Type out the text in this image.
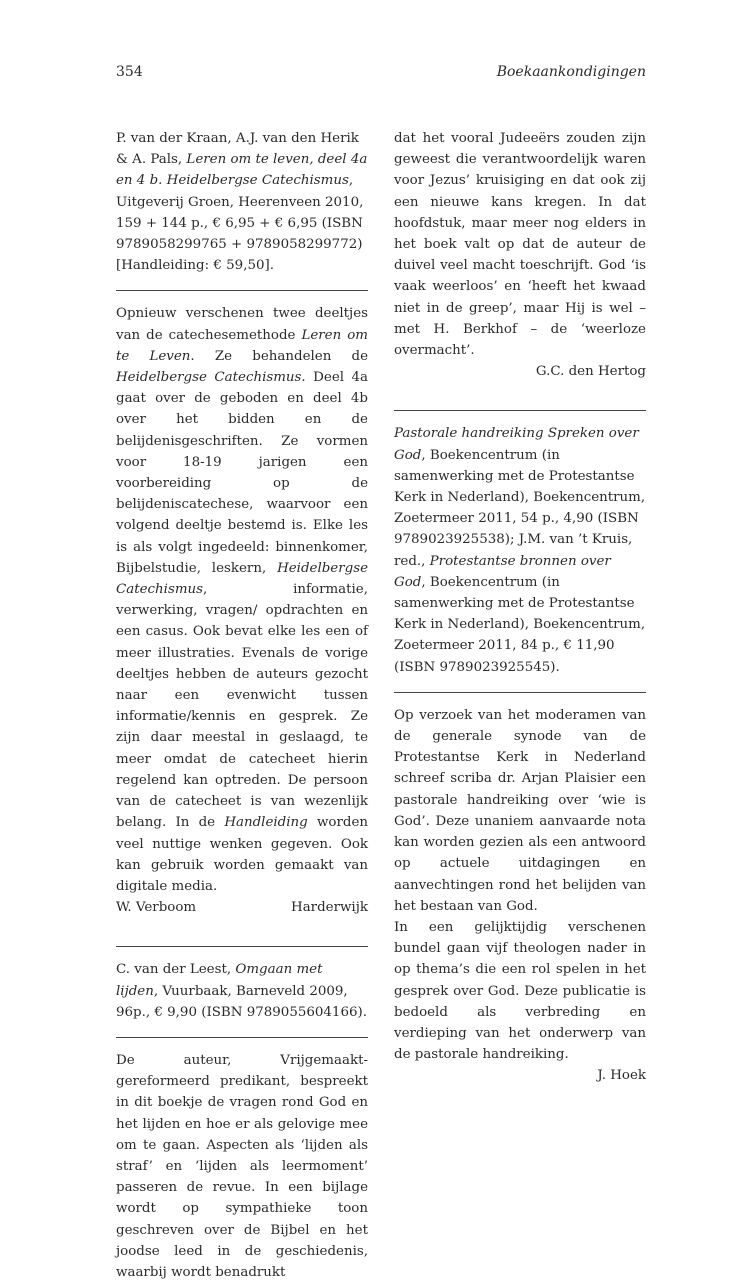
354	Boekaankondigingen

P. van der Kraan, A.J. van den Herik & A. Pals, Leren om te leven, deel 4a en 4 b. Heidelbergse Catechismus, Uitgeverij Groen, Heerenveen 2010, 159 + 144 p., € 6,95 + € 6,95 (ISBN 9789058299765 + 9789058299772) [Handleiding: € 59,50].

Opnieuw verschenen twee deeltjes van de catechesemethode Leren om te Leven. Ze behandelen de Heidelbergse Catechismus. Deel 4a gaat over de geboden en deel 4b over het bidden en de belijdenisgeschriften. Ze vormen voor 18-19 jarigen een voorbereiding op de belijdeniscatechese, waarvoor een volgend deeltje bestemd is. Elke les is als volgt ingedeeld: binnenkomer, Bijbelstudie, leskern, Heidelbergse Catechismus, informatie, verwerking, vragen/ opdrachten en een casus. Ook bevat elke les een of meer illustraties. Evenals de vorige deeltjes hebben de auteurs gezocht naar een evenwicht tussen informatie/kennis en gesprek. Ze zijn daar meestal in geslaagd, te meer omdat de catecheet hierin regelend kan optreden. De persoon van de catecheet is van wezenlijk belang. In de Handleiding worden veel nuttige wenken gegeven. Ook kan gebruik worden gemaakt van digitale media.

W. Verboom	Harderwijk

C. van der Leest, Omgaan met lijden, Vuurbaak, Barneveld 2009, 96p., € 9,90 (ISBN 9789055604166).

De auteur, Vrijgemaakt-gereformeerd predikant, bespreekt in dit boekje de vragen rond God en het lijden en hoe er als gelovige mee om te gaan. Aspecten als ‘lijden als straf’ en ‘lijden als leermoment’ passeren de revue. In een bijlage wordt op sympathieke toon geschreven over de Bijbel en het joodse leed in de geschiedenis, waarbij wordt benadrukt

dat het vooral Judeeërs zouden zijn geweest die verantwoordelijk waren voor Jezus’ kruisiging en dat ook zij een nieuwe kans kregen. In dat hoofdstuk, maar meer nog elders in het boek valt op dat de auteur de duivel veel macht toeschrijft. God ‘is vaak weerloos’ en ‘heeft het kwaad niet in de greep’, maar Hij is wel – met H. Berkhof – de ‘weerloze overmacht’.

G.C. den Hertog

Pastorale handreiking Spreken over God, Boekencentrum (in samenwerking met de Protestantse Kerk in Nederland), Boekencentrum, Zoetermeer 2011, 54 p., 4,90 (ISBN 9789023925538); J.M. van ’t Kruis, red., Protestantse bronnen over God, Boekencentrum (in samenwerking met de Protestantse Kerk in Nederland), Boekencentrum, Zoetermeer 2011, 84 p., € 11,90 (ISBN 9789023925545).

Op verzoek van het moderamen van de generale synode van de Protestantse Kerk in Nederland schreef scriba dr. Arjan Plaisier een pastorale handreiking over ‘wie is God’. Deze unaniem aanvaarde nota kan worden gezien als een antwoord op actuele uitdagingen en aanvechtingen rond het belijden van het bestaan van God.

In een gelijktijdig verschenen bundel gaan vijf theologen nader in op thema’s die een rol spelen in het gesprek over God. Deze publicatie is bedoeld als verbreding en verdieping van het onderwerp van de pastorale handreiking.

J. Hoek
